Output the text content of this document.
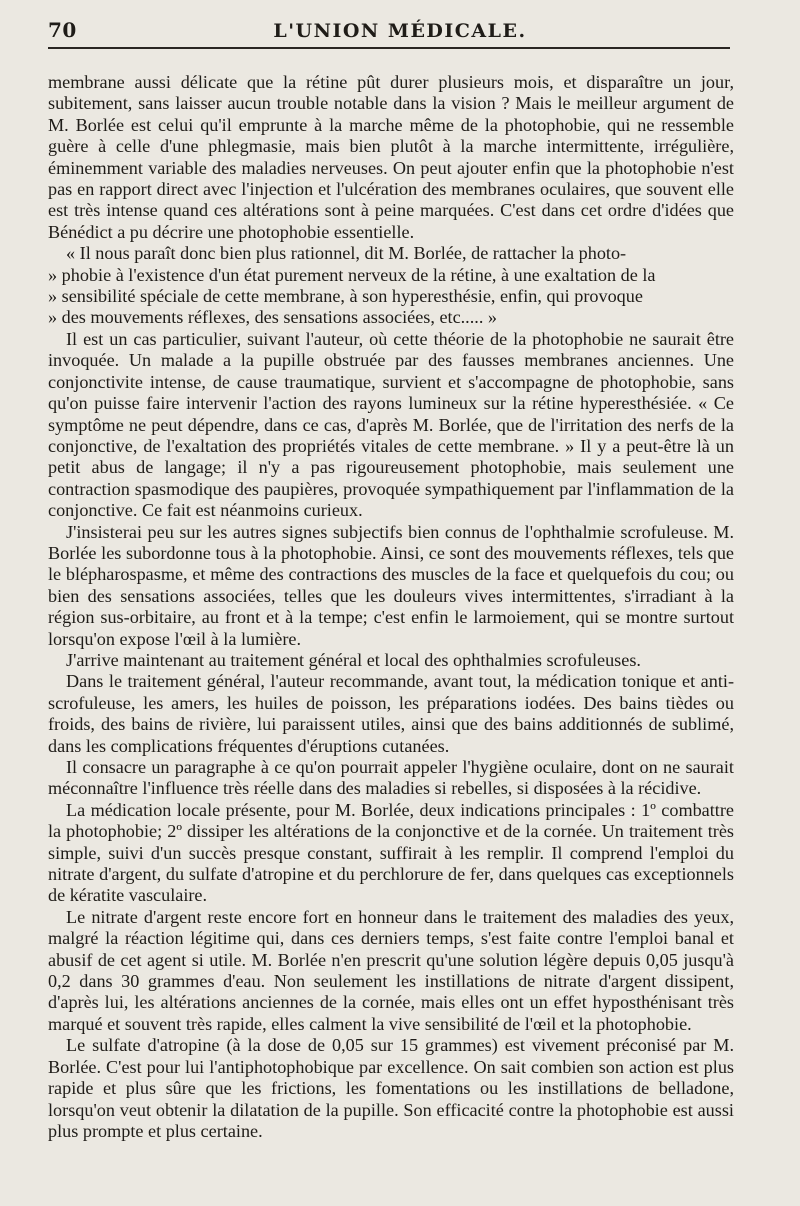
70	L'UNION MÉDICALE.

membrane aussi délicate que la rétine pût durer plusieurs mois, et disparaître un jour, subitement, sans laisser aucun trouble notable dans la vision ? Mais le meilleur argument de M. Borlée est celui qu'il emprunte à la marche même de la photophobie, qui ne ressemble guère à celle d'une phlegmasie, mais bien plutôt à la marche intermittente, irrégulière, éminemment variable des maladies nerveuses. On peut ajouter enfin que la photophobie n'est pas en rapport direct avec l'injection et l'ulcération des membranes oculaires, que souvent elle est très intense quand ces altérations sont à peine marquées. C'est dans cet ordre d'idées que Bénédict a pu décrire une photophobie essentielle.

« Il nous paraît donc bien plus rationnel, dit M. Borlée, de rattacher la photo-

» phobie à l'existence d'un état purement nerveux de la rétine, à une exaltation de la

» sensibilité spéciale de cette membrane, à son hyperesthésie, enfin, qui provoque

» des mouvements réflexes, des sensations associées, etc..... »

Il est un cas particulier, suivant l'auteur, où cette théorie de la photophobie ne saurait être invoquée. Un malade a la pupille obstruée par des fausses membranes anciennes. Une conjonctivite intense, de cause traumatique, survient et s'accompagne de photophobie, sans qu'on puisse faire intervenir l'action des rayons lumineux sur la rétine hyperesthésiée. « Ce symptôme ne peut dépendre, dans ce cas, d'après M. Borlée, que de l'irritation des nerfs de la conjonctive, de l'exaltation des propriétés vitales de cette membrane. » Il y a peut-être là un petit abus de langage; il n'y a pas rigoureusement photophobie, mais seulement une contraction spasmodique des paupières, provoquée sympathiquement par l'inflammation de la conjonctive. Ce fait est néanmoins curieux.

J'insisterai peu sur les autres signes subjectifs bien connus de l'ophthalmie scrofuleuse. M. Borlée les subordonne tous à la photophobie. Ainsi, ce sont des mouvements réflexes, tels que le blépharospasme, et même des contractions des muscles de la face et quelquefois du cou; ou bien des sensations associées, telles que les douleurs vives intermittentes, s'irradiant à la région sus-orbitaire, au front et à la tempe; c'est enfin le larmoiement, qui se montre surtout lorsqu'on expose l'œil à la lumière.

J'arrive maintenant au traitement général et local des ophthalmies scrofuleuses.

Dans le traitement général, l'auteur recommande, avant tout, la médication tonique et anti-scrofuleuse, les amers, les huiles de poisson, les préparations iodées. Des bains tièdes ou froids, des bains de rivière, lui paraissent utiles, ainsi que des bains additionnés de sublimé, dans les complications fréquentes d'éruptions cutanées.

Il consacre un paragraphe à ce qu'on pourrait appeler l'hygiène oculaire, dont on ne saurait méconnaître l'influence très réelle dans des maladies si rebelles, si disposées à la récidive.

La médication locale présente, pour M. Borlée, deux indications principales : 1º combattre la photophobie; 2º dissiper les altérations de la conjonctive et de la cornée. Un traitement très simple, suivi d'un succès presque constant, suffirait à les remplir. Il comprend l'emploi du nitrate d'argent, du sulfate d'atropine et du perchlorure de fer, dans quelques cas exceptionnels de kératite vasculaire.

Le nitrate d'argent reste encore fort en honneur dans le traitement des maladies des yeux, malgré la réaction légitime qui, dans ces derniers temps, s'est faite contre l'emploi banal et abusif de cet agent si utile. M. Borlée n'en prescrit qu'une solution légère depuis 0,05 jusqu'à 0,2 dans 30 grammes d'eau. Non seulement les instillations de nitrate d'argent dissipent, d'après lui, les altérations anciennes de la cornée, mais elles ont un effet hyposthénisant très marqué et souvent très rapide, elles calment la vive sensibilité de l'œil et la photophobie.

Le sulfate d'atropine (à la dose de 0,05 sur 15 grammes) est vivement préconisé par M. Borlée. C'est pour lui l'antiphotophobique par excellence. On sait combien son action est plus rapide et plus sûre que les frictions, les fomentations ou les instillations de belladone, lorsqu'on veut obtenir la dilatation de la pupille. Son efficacité contre la photophobie est aussi plus prompte et plus certaine.
